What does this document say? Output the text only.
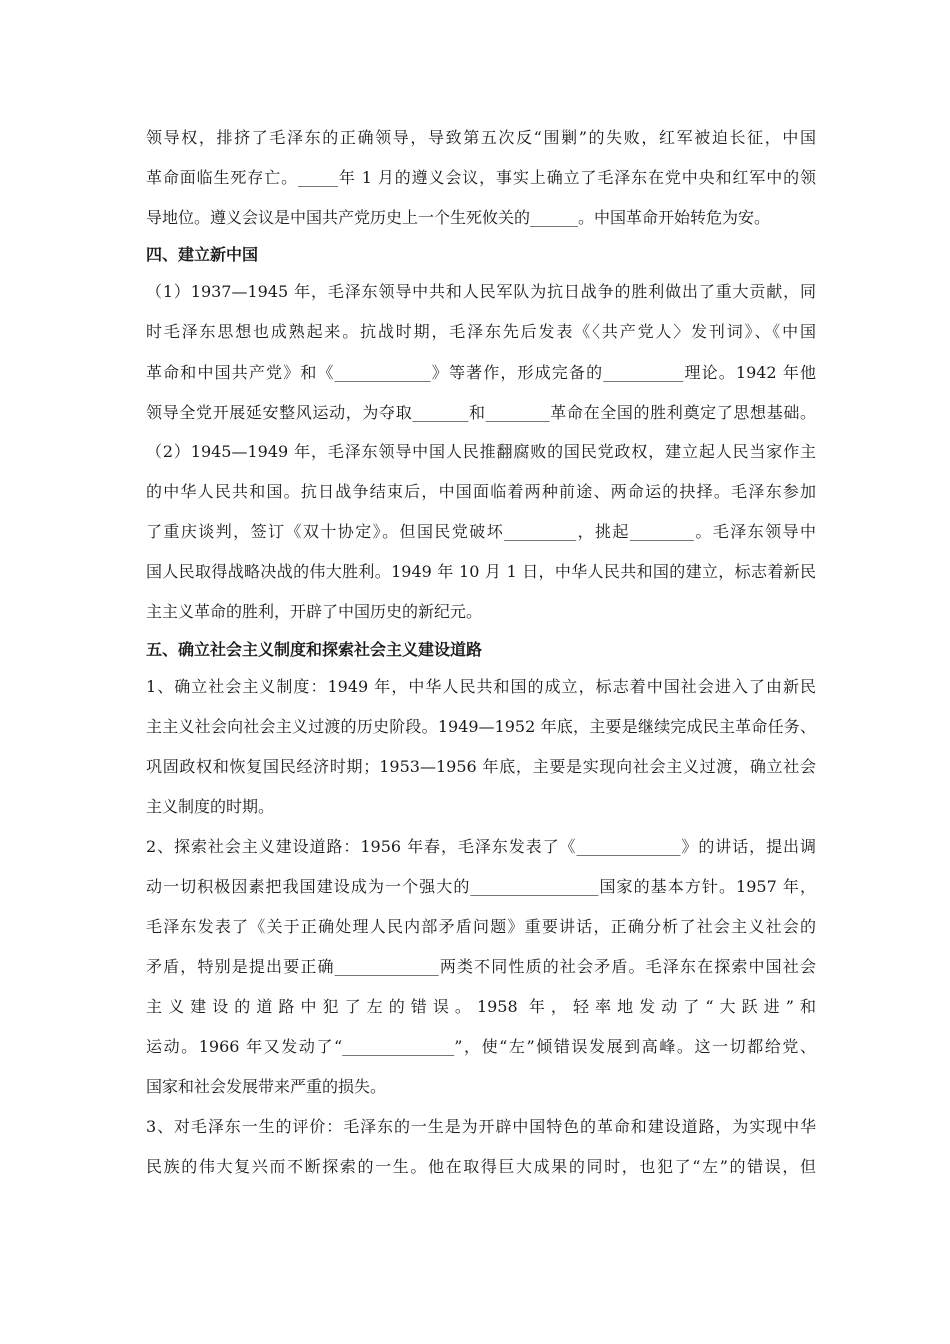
领导权，排挤了毛泽东的正确领导，导致第五次反“围剿”的失败，红军被迫长征，中国
革命面临生死存亡。_____年 1 月的遵义会议，事实上确立了毛泽东在党中央和红军中的领
导地位。遵义会议是中国共产党历史上一个生死攸关的______。中国革命开始转危为安。
四、建立新中国
（1）1937—1945 年，毛泽东领导中共和人民军队为抗日战争的胜利做出了重大贡献，同
时毛泽东思想也成熟起来。抗战时期，毛泽东先后发表《〈共产党人〉发刊词》、《中国
革命和中国共产党》和《____________》等著作，形成完备的__________理论。1942 年他
领导全党开展延安整风运动，为夺取_______和________革命在全国的胜利奠定了思想基础。
（2）1945—1949 年，毛泽东领导中国人民推翻腐败的国民党政权，建立起人民当家作主
的中华人民共和国。抗日战争结束后，中国面临着两种前途、两命运的抉择。毛泽东参加
了重庆谈判，签订《双十协定》。但国民党破坏_________，挑起________。毛泽东领导中
国人民取得战略决战的伟大胜利。1949 年 10 月 1 日，中华人民共和国的建立，标志着新民
主主义革命的胜利，开辟了中国历史的新纪元。
五、确立社会主义制度和探索社会主义建设道路
1、确立社会主义制度：1949 年，中华人民共和国的成立，标志着中国社会进入了由新民
主主义社会向社会主义过渡的历史阶段。1949—1952 年底，主要是继续完成民主革命任务、
巩固政权和恢复国民经济时期；1953—1956 年底，主要是实现向社会主义过渡，确立社会
主义制度的时期。
2、探索社会主义建设道路：1956 年春，毛泽东发表了《_____________》的讲话，提出调
动一切积极因素把我国建设成为一个强大的________________国家的基本方针。1957 年，
毛泽东发表了《关于正确处理人民内部矛盾问题》重要讲话，正确分析了社会主义社会的
矛盾，特别是提出要正确_____________两类不同性质的社会矛盾。毛泽东在探索中国社会
主义建设的道路中犯了左的错误。1958 年，轻率地发动了“大跃进”和
运动。1966 年又发动了“______________”，使“左”倾错误发展到高峰。这一切都给党、
国家和社会发展带来严重的损失。
3、对毛泽东一生的评价：毛泽东的一生是为开辟中国特色的革命和建设道路，为实现中华
民族的伟大复兴而不断探索的一生。他在取得巨大成果的同时，也犯了“左”的错误，但
